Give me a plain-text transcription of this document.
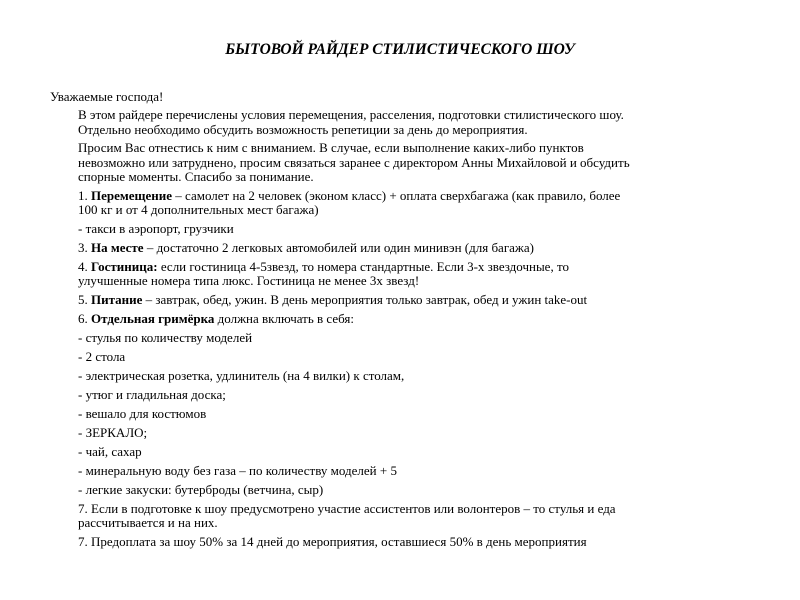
БЫТОВОЙ РАЙДЕР СТИЛИСТИЧЕСКОГО ШОУ
Уважаемые господа!
В этом райдере перечислены условия перемещения, расселения, подготовки стилистического шоу.
Отдельно необходимо обсудить возможность репетиции за день до мероприятия.
Просим Вас отнестись к ним с вниманием. В случае, если выполнение каких-либо пунктов
невозможно или затруднено, просим связаться заранее с директором Анны Михайловой и обсудить
спорные моменты. Спасибо за понимание.
1. Перемещение – самолет на 2 человек (эконом класс) + оплата сверхбагажа (как правило, более
100 кг и от 4 дополнительных мест багажа)
- такси в аэропорт, грузчики
3. На месте – достаточно 2 легковых автомобилей или один минивэн (для багажа)
4. Гостиница: если гостиница 4-5звезд, то номера стандартные. Если 3-х звездочные, то
улучшенные номера типа люкс. Гостиница не менее 3х звезд!
5. Питание – завтрак, обед, ужин. В день мероприятия только завтрак, обед и ужин take-out
6. Отдельная гримёрка должна включать в себя:
- стулья по количеству моделей
- 2 стола
- электрическая розетка, удлинитель (на 4 вилки) к столам,
- утюг и гладильная доска;
- вешало для костюмов
- ЗЕРКАЛО;
- чай, сахар
- минеральную воду без газа – по количеству моделей + 5
- легкие закуски: бутерброды (ветчина, сыр)
7. Если в подготовке к шоу предусмотрено участие ассистентов или волонтеров – то стулья и еда
рассчитывается и на них.
7. Предоплата за шоу 50% за 14 дней до мероприятия, оставшиеся 50% в день мероприятия
